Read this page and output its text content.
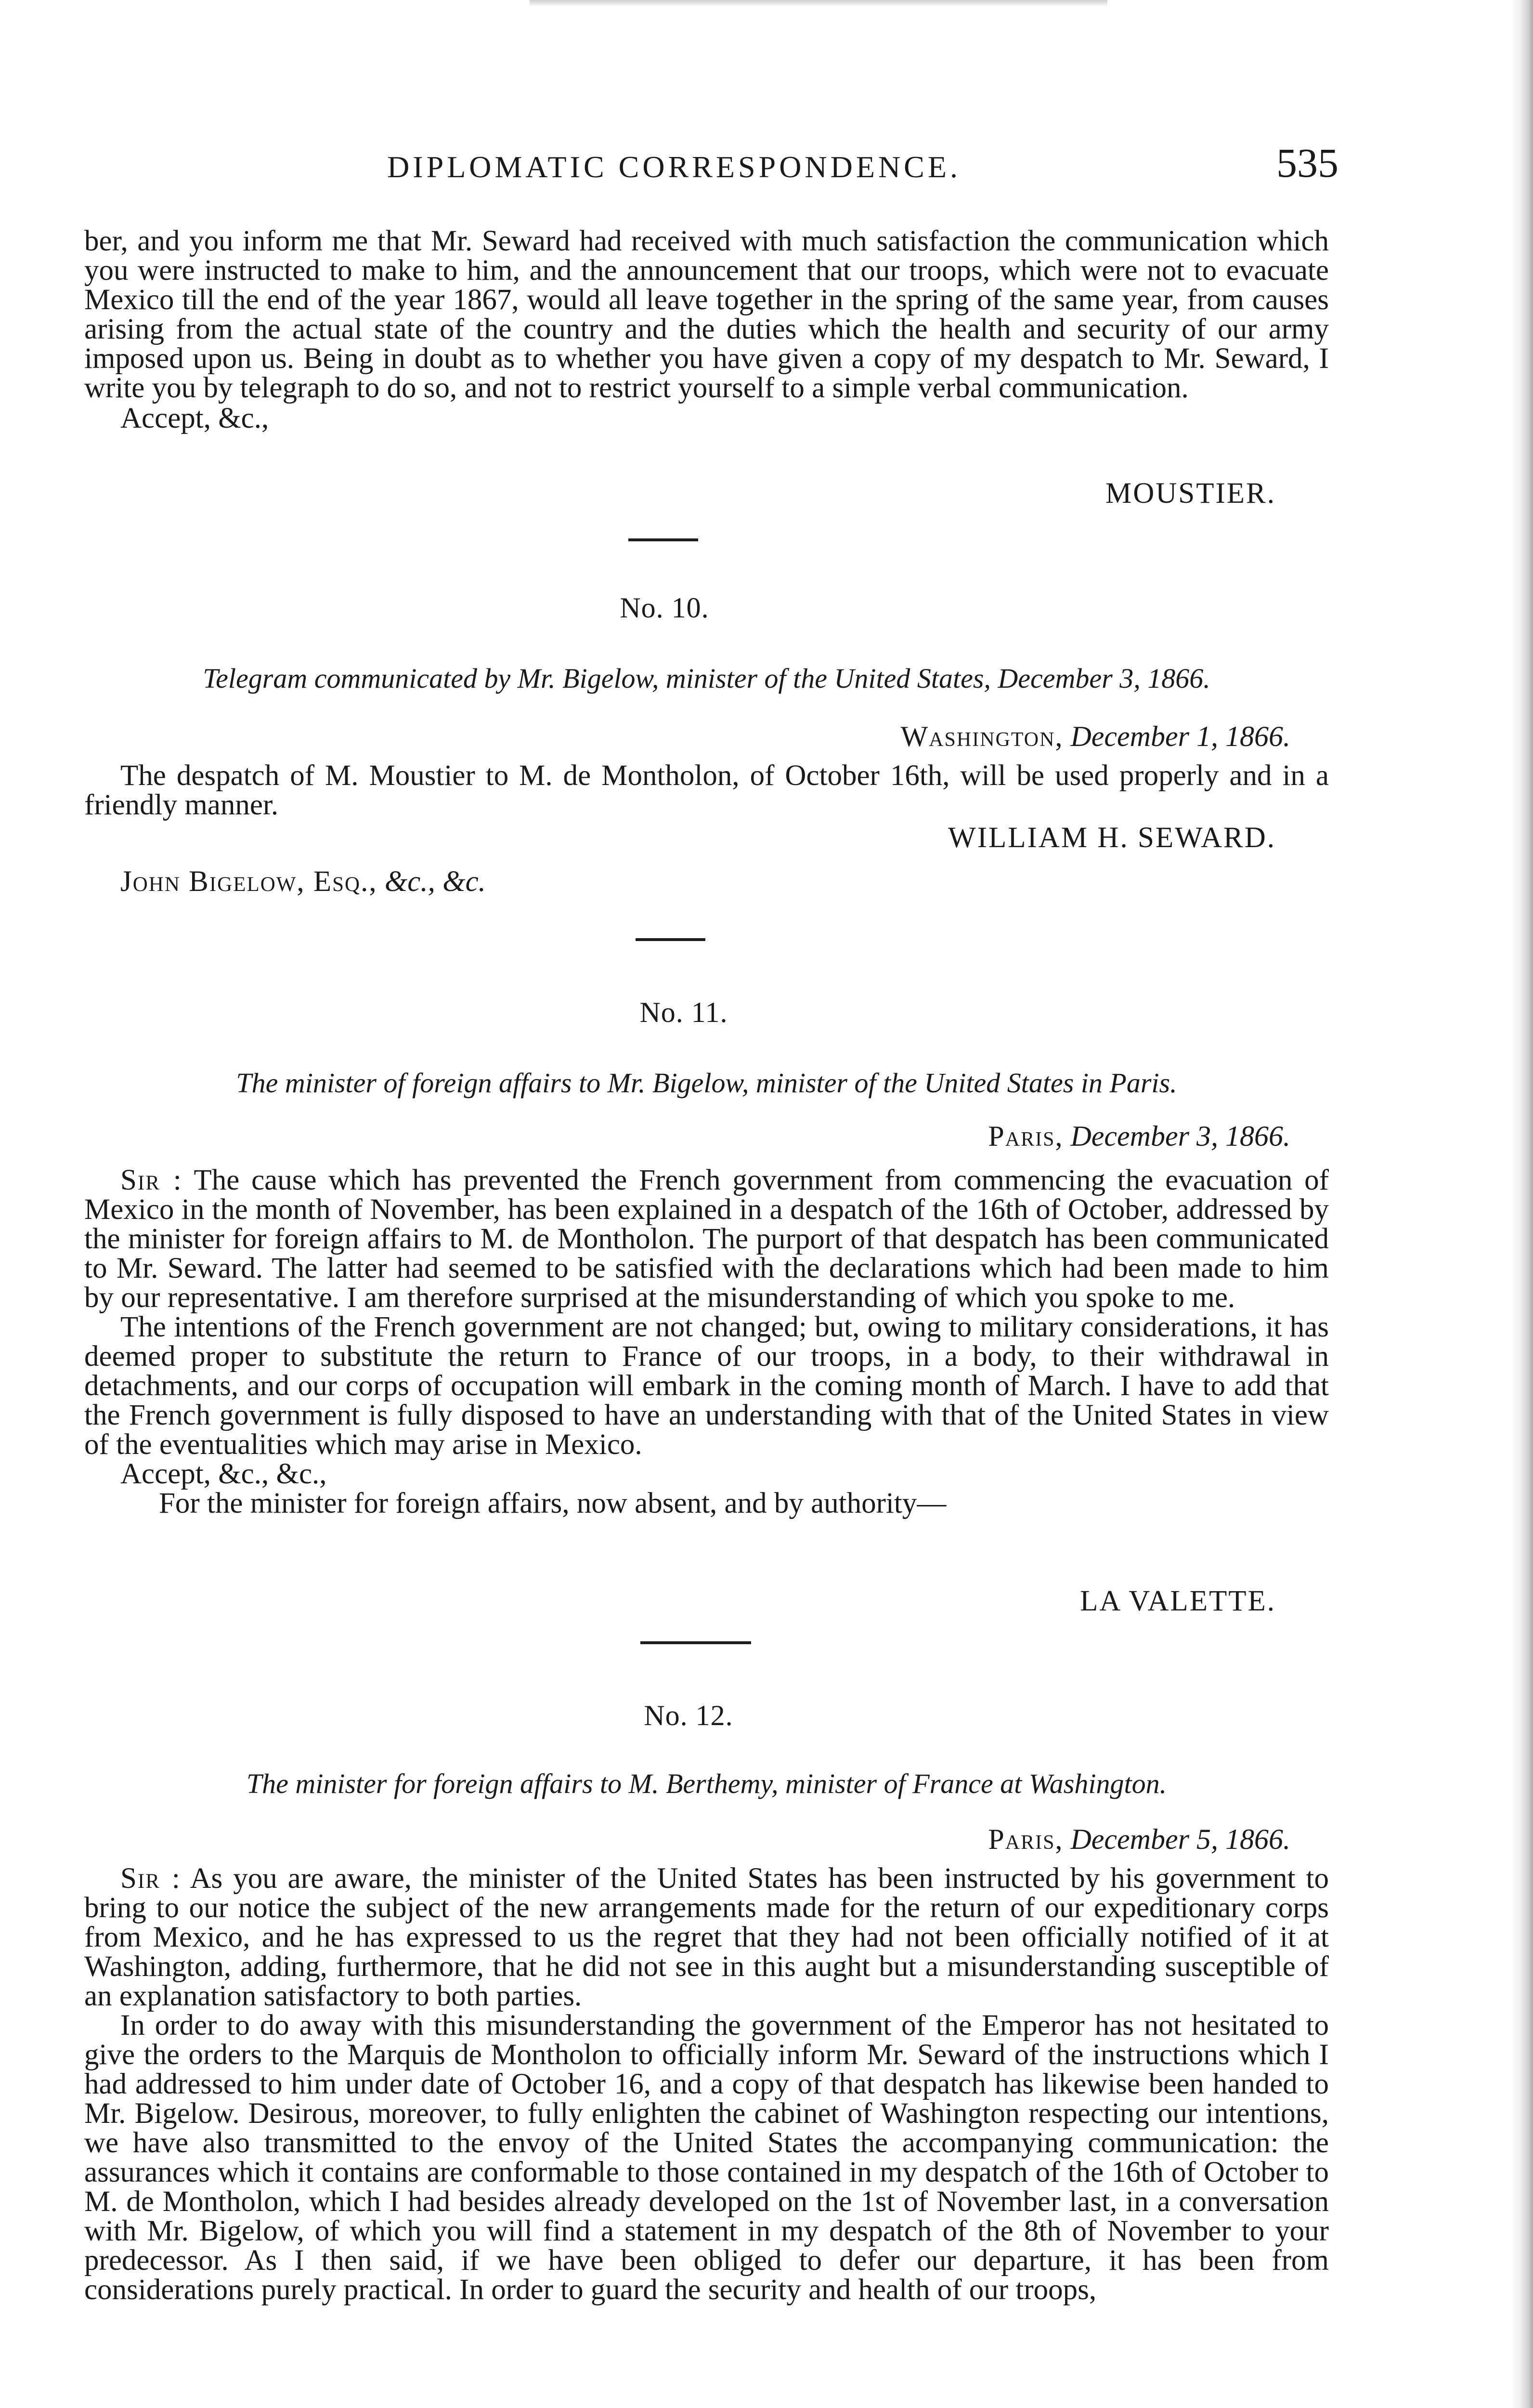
DIPLOMATIC CORRESPONDENCE.	535

ber, and you inform me that Mr. Seward had received with much satisfaction the communication which you were instructed to make to him, and the announcement that our troops, which were not to evacuate Mexico till the end of the year 1867, would all leave together in the spring of the same year, from causes arising from the actual state of the country and the duties which the health and security of our army imposed upon us. Being in doubt as to whether you have given a copy of my despatch to Mr. Seward, I write you by telegraph to do so, and not to restrict yourself to a simple verbal communication.

Accept, &c.,

MOUSTIER.
No. 10.
Telegram communicated by Mr. Bigelow, minister of the United States, December 3, 1866.
Washington, December 1, 1866.

The despatch of M. Moustier to M. de Montholon, of October 16th, will be used properly and in a friendly manner.

WILLIAM H. SEWARD.
John Bigelow, Esq., &c., &c.
No. 11.
The minister of foreign affairs to Mr. Bigelow, minister of the United States in Paris.
Paris, December 3, 1866.

Sir : The cause which has prevented the French government from commencing the evacuation of Mexico in the month of November, has been explained in a despatch of the 16th of October, addressed by the minister for foreign affairs to M. de Montholon. The purport of that despatch has been communicated to Mr. Seward. The latter had seemed to be satisfied with the declarations which had been made to him by our representative. I am therefore surprised at the misunderstanding of which you spoke to me.

The intentions of the French government are not changed; but, owing to military considerations, it has deemed proper to substitute the return to France of our troops, in a body, to their withdrawal in detachments, and our corps of occupation will embark in the coming month of March. I have to add that the French government is fully disposed to have an understanding with that of the United States in view of the eventualities which may arise in Mexico.

Accept, &c., &c.,

For the minister for foreign affairs, now absent, and by authority—

LA VALETTE.
No. 12.
The minister for foreign affairs to M. Berthemy, minister of France at Washington.
Paris, December 5, 1866.

Sir : As you are aware, the minister of the United States has been instructed by his government to bring to our notice the subject of the new arrangements made for the return of our expeditionary corps from Mexico, and he has expressed to us the regret that they had not been officially notified of it at Washington, adding, furthermore, that he did not see in this aught but a misunderstanding susceptible of an explanation satisfactory to both parties.

In order to do away with this misunderstanding the government of the Emperor has not hesitated to give the orders to the Marquis de Montholon to officially inform Mr. Seward of the instructions which I had addressed to him under date of October 16, and a copy of that despatch has likewise been handed to Mr. Bigelow. Desirous, moreover, to fully enlighten the cabinet of Washington respecting our intentions, we have also transmitted to the envoy of the United States the accompanying communication: the assurances which it contains are conformable to those contained in my despatch of the 16th of October to M. de Montholon, which I had besides already developed on the 1st of November last, in a conversation with Mr. Bigelow, of which you will find a statement in my despatch of the 8th of November to your predecessor. As I then said, if we have been obliged to defer our departure, it has been from considerations purely practical. In order to guard the security and health of our troops,
